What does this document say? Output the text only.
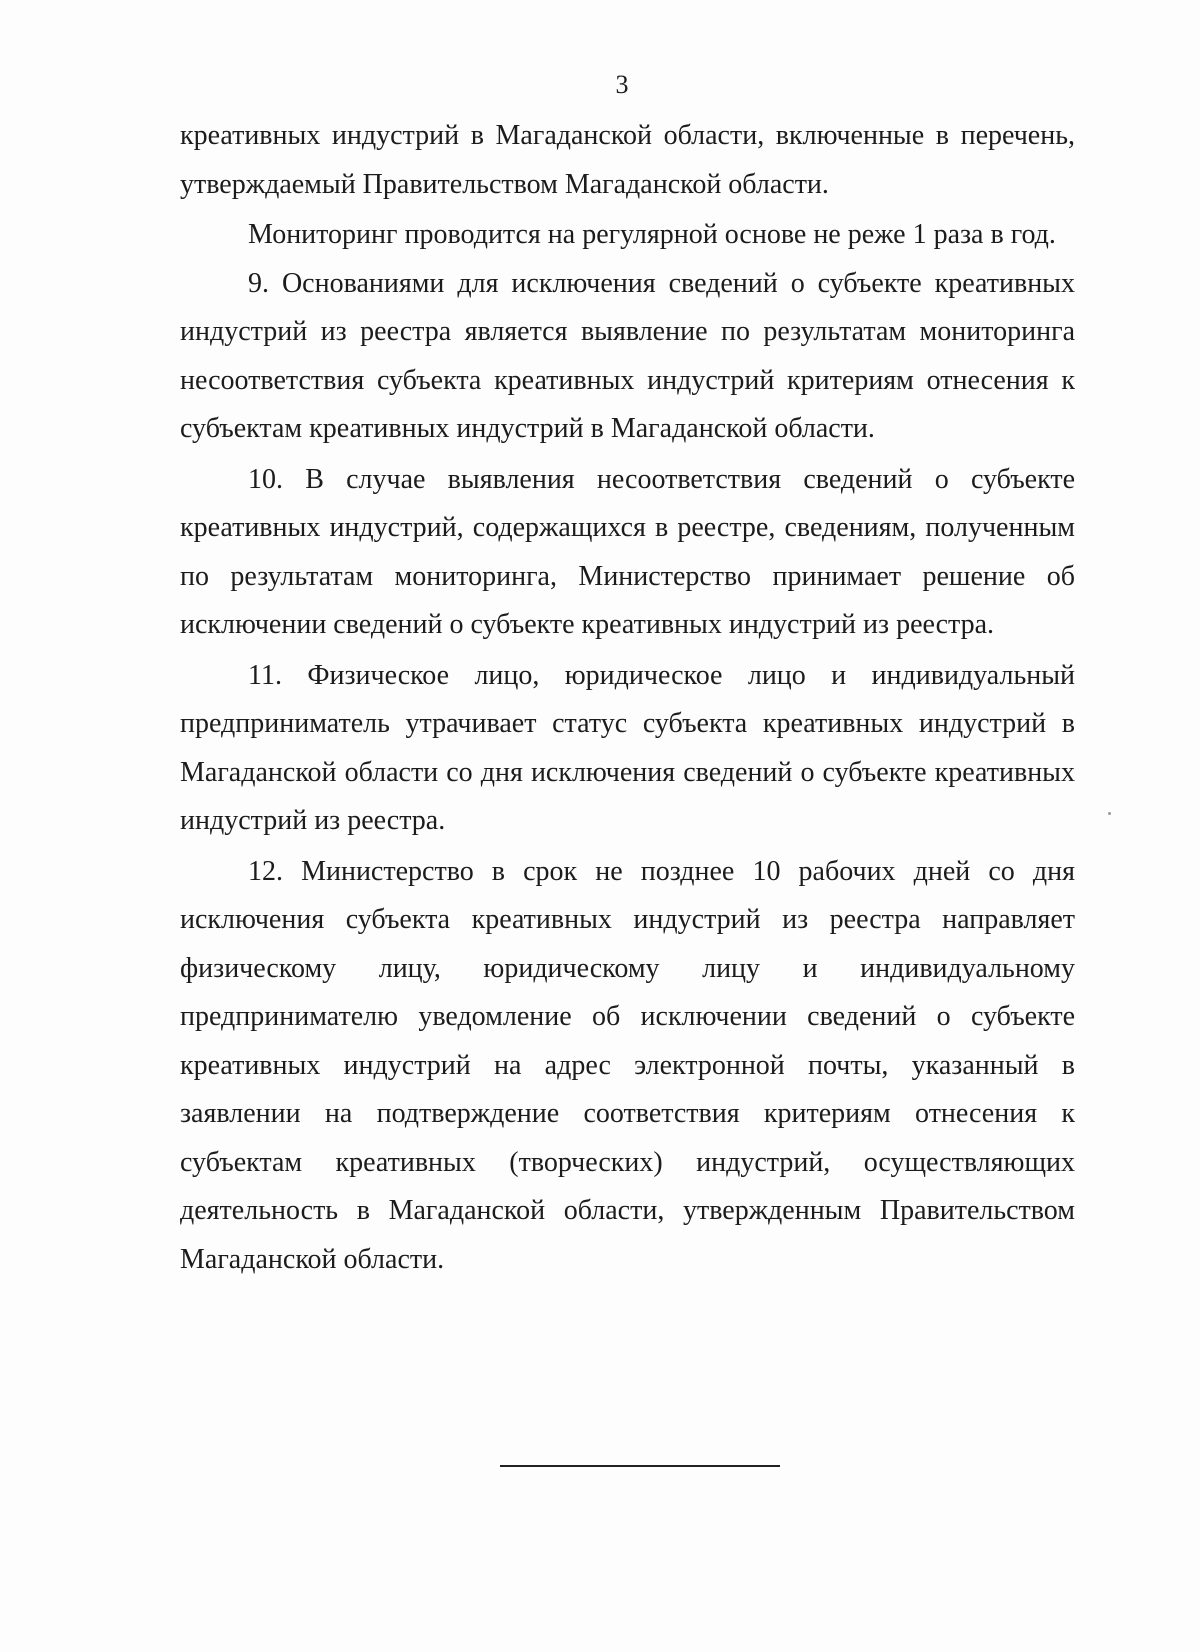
3

креативных индустрий в Магаданской области, включенные в перечень, утверждаемый Правительством Магаданской области.

Мониторинг проводится на регулярной основе не реже 1 раза в год.

9. Основаниями для исключения сведений о субъекте креативных индустрий из реестра является выявление по результатам мониторинга несоответствия субъекта креативных индустрий критериям отнесения к субъектам креативных индустрий в Магаданской области.

10. В случае выявления несоответствия сведений о субъекте креативных индустрий, содержащихся в реестре, сведениям, полученным по результатам мониторинга, Министерство принимает решение об исключении сведений о субъекте креативных индустрий из реестра.

11. Физическое лицо, юридическое лицо и индивидуальный предприниматель утрачивает статус субъекта креативных индустрий в Магаданской области со дня исключения сведений о субъекте креативных индустрий из реестра.

12. Министерство в срок не позднее 10 рабочих дней со дня исключения субъекта креативных индустрий из реестра направляет физическому лицу, юридическому лицу и индивидуальному предпринимателю уведомление об исключении сведений о субъекте креативных индустрий на адрес электронной почты, указанный в заявлении на подтверждение соответствия критериям отнесения к субъектам креативных (творческих) индустрий, осуществляющих деятельность в Магаданской области, утвержденным Правительством Магаданской области.
